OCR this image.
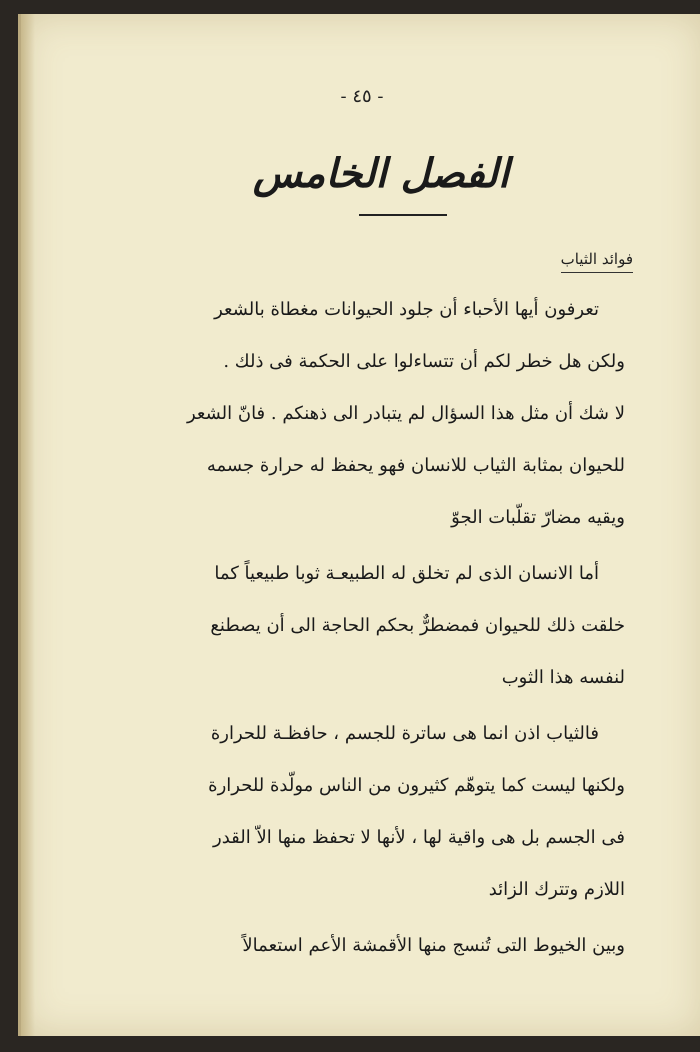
- ٤٥ -
الفصل الخامس
فوائد الثياب
تعرفون أيها الأحباء أن جلود الحيوانات مغطاة بالشعر
ولكن هل خطر لكم أن تتساءلوا على الحكمة فى ذلك .
لا شك أن مثل هذا السؤال لم يتبادر الى ذهنكم . فانّ الشعر
للحيوان بمثابة الثياب للانسان فهو يحفظ له حرارة جسمه
ويقيه مضارّ تقلّبات الجوّ
أما الانسان الذى لم تخلق له الطبيعـة ثوبا طبيعياً كما
خلقت ذلك للحيوان فمضطرٌّ بحكم الحاجة الى أن يصطنع
لنفسه هذا الثوب
فالثياب اذن انما هى ساترة للجسم ، حافظـة للحرارة
ولكنها ليست كما يتوهّم كثيرون من الناس مولّدة للحرارة
فى الجسم بل هى واقية لها ، لأنها لا تحفظ منها الاّ القدر
اللازم وتترك الزائد
وبين الخيوط التى تُنسج منها الأقمشة الأعم استعمالاً
